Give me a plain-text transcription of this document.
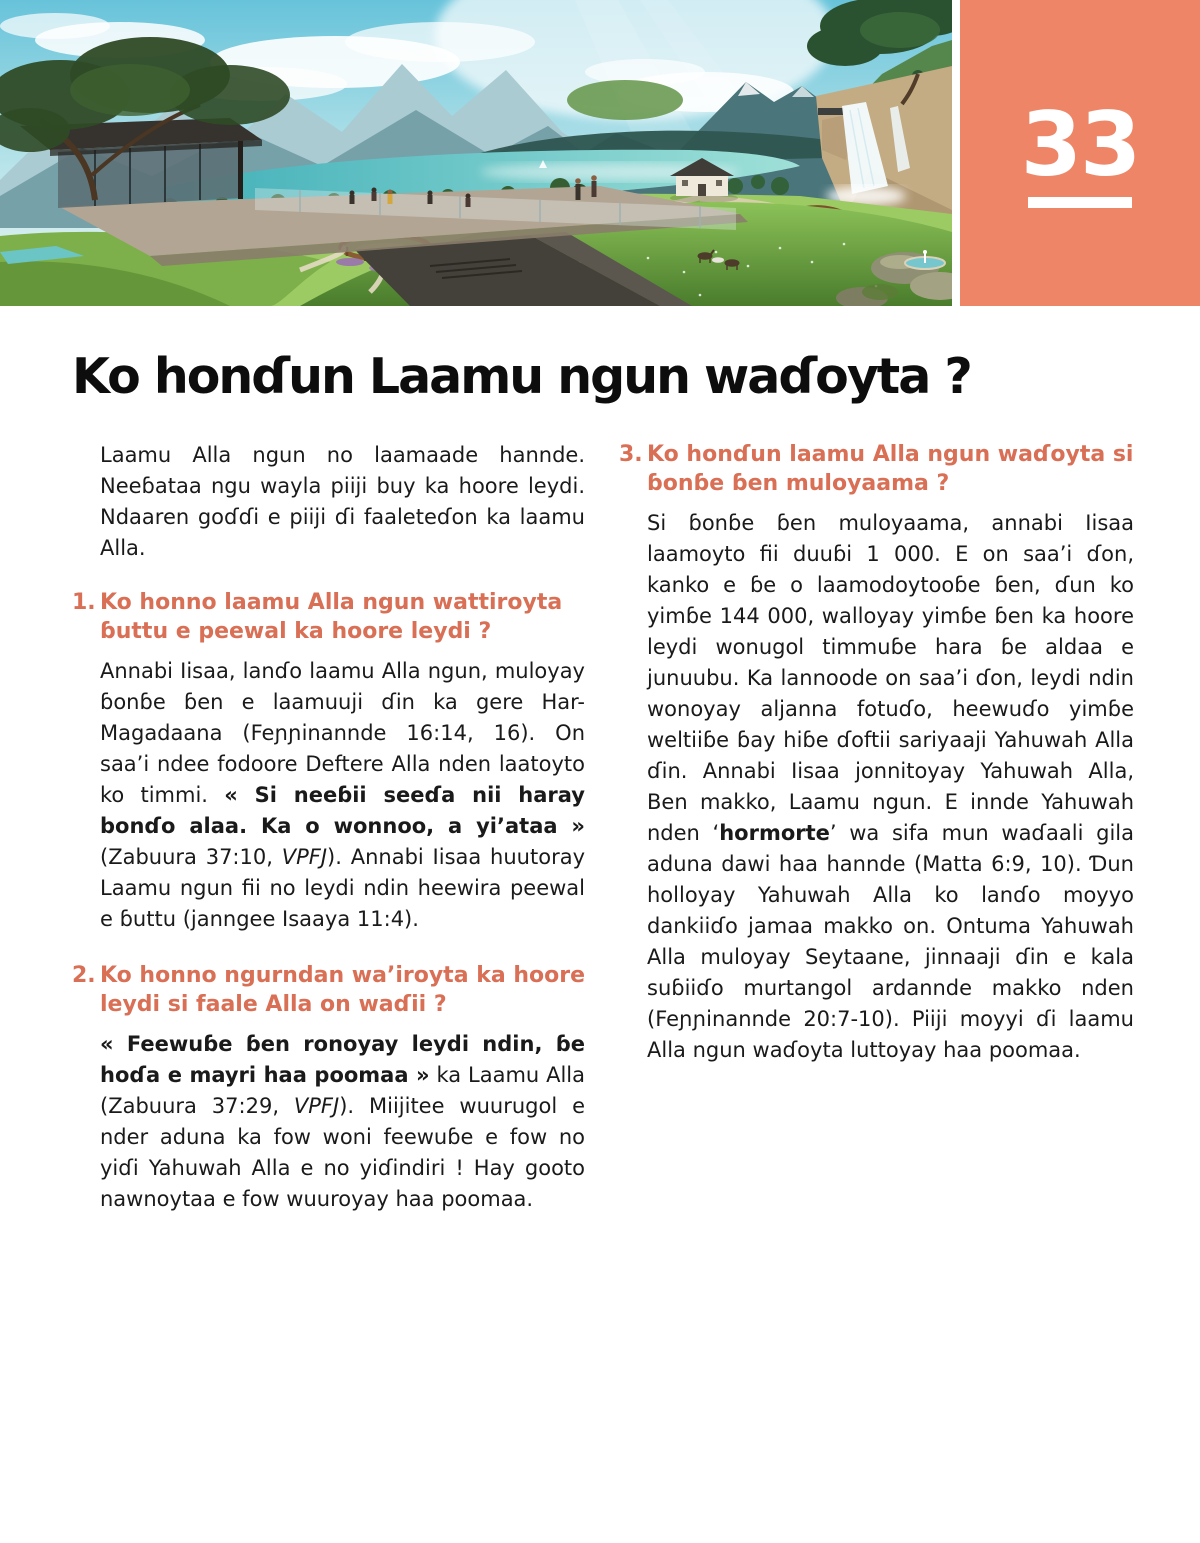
33
Ko honɗun Laamu ngun waɗoyta ?

Laamu Alla ngun no laamaade hannde. Neeɓataa ngu wayla piiji buy ka hoore leydi. Ndaaren goɗɗi e piiji ɗi faaleteɗon ka laamu Alla.

1. Ko honno laamu Alla ngun wattiroyta ɓuttu e peewal ka hoore leydi ?

Annabi Iisaa, lanɗo laamu Alla ngun, muloyay ɓonɓe ɓen e laamuuji ɗin ka gere Har-Magadaana (Feɲɲinannde 16:14, 16). On saa’i ndee fodoore Deftere Alla nden laatoyto ko timmi. « Si neeɓii seeɗa nii haray bonɗo alaa. Ka o wonnoo, a yi’ataa » (Zabuura 37:10, VPFJ). Annabi Iisaa huutoray Laamu ngun fii no leydi ndin heewira peewal e ɓuttu (janngee Isaaya 11:4).

2. Ko honno ngurndan wa’iroyta ka hoore leydi si faale Alla on waɗii ?

« Feewuɓe ɓen ronoyay leydi ndin, ɓe hoɗa e mayri haa poomaa » ka Laamu Alla (Zabuura 37:29, VPFJ). Miijitee wuurugol e nder aduna ka fow woni feewuɓe e fow no yiɗi Yahuwah Alla e no yiɗindiri ! Hay gooto nawnoytaa e fow wuuroyay haa poomaa.

3. Ko honɗun laamu Alla ngun waɗoyta si ɓonɓe ɓen muloyaama ?

Si ɓonɓe ɓen muloyaama, annabi Iisaa laamoyto fii duuɓi 1 000. E on saa’i ɗon, kanko e ɓe o laamodoytooɓe ɓen, ɗun ko yimɓe 144 000, walloyay yimɓe ɓen ka hoore leydi wonugol timmuɓe hara ɓe aldaa e junuubu. Ka lannoode on saa’i ɗon, leydi ndin wonoyay aljanna fotuɗo, heewuɗo yimɓe weltiiɓe ɓay hiɓe ɗoftii sariyaaji Yahuwah Alla ɗin. Annabi Iisaa jonnitoyay Yahuwah Alla, Ben makko, Laamu ngun. E innde Yahuwah nden ‘hormorte’ wa sifa mun waɗaali gila aduna dawi haa hannde (Matta 6:9, 10). Ɗun holloyay Yahuwah Alla ko lanɗo moyyo dankiiɗo jamaa makko on. Ontuma Yahuwah Alla muloyay Seytaane, jinnaaji ɗin e kala suɓiiɗo murtangol ardannde makko nden (Feɲɲinannde 20:7-10). Piiji moyyi ɗi laamu Alla ngun waɗoyta luttoyay haa poomaa.
